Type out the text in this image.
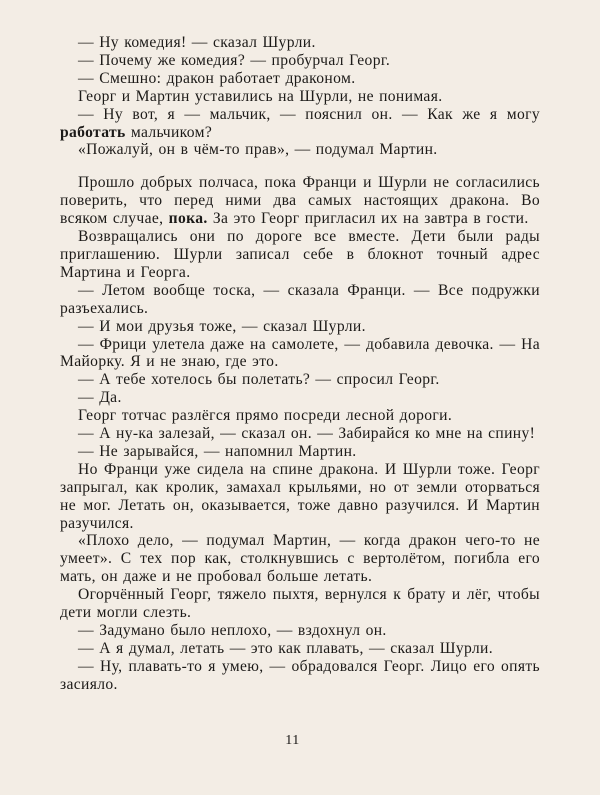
— Ну комедия! — сказал Шурли.

— Почему же комедия? — пробурчал Георг.

— Смешно: дракон работает драконом.

Георг и Мартин уставились на Шурли, не понимая.

— Ну вот, я — мальчик, — пояснил он. — Как же я могу работать мальчиком?

«Пожалуй, он в чём-то прав», — подумал Мартин.

Прошло добрых полчаса, пока Франци и Шурли не согласились поверить, что перед ними два самых настоящих дракона. Во всяком случае, пока. За это Георг пригласил их на завтра в гости.

Возвращались они по дороге все вместе. Дети были рады приглашению. Шурли записал себе в блокнот точный адрес Мартина и Георга.

— Летом вообще тоска, — сказала Франци. — Все подружки разъехались.

— И мои друзья тоже, — сказал Шурли.

— Фрици улетела даже на самолете, — добавила девочка. — На Майорку. Я и не знаю, где это.

— А тебе хотелось бы полетать? — спросил Георг.

— Да.

Георг тотчас разлёгся прямо посреди лесной дороги.

— А ну-ка залезай, — сказал он. — Забирайся ко мне на спину!

— Не зарывайся, — напомнил Мартин.

Но Франци уже сидела на спине дракона. И Шурли тоже. Георг запрыгал, как кролик, замахал крыльями, но от земли оторваться не мог. Летать он, оказывается, тоже давно разучился. И Мартин разучился.

«Плохо дело, — подумал Мартин, — когда дракон чего-то не умеет». С тех пор как, столкнувшись с вертолётом, погибла его мать, он даже и не пробовал больше летать.

Огорчённый Георг, тяжело пыхтя, вернулся к брату и лёг, чтобы дети могли слезть.

— Задумано было неплохо, — вздохнул он.

— А я думал, летать — это как плавать, — сказал Шурли.

— Ну, плавать-то я умею, — обрадовался Георг. Лицо его опять засияло.

11
